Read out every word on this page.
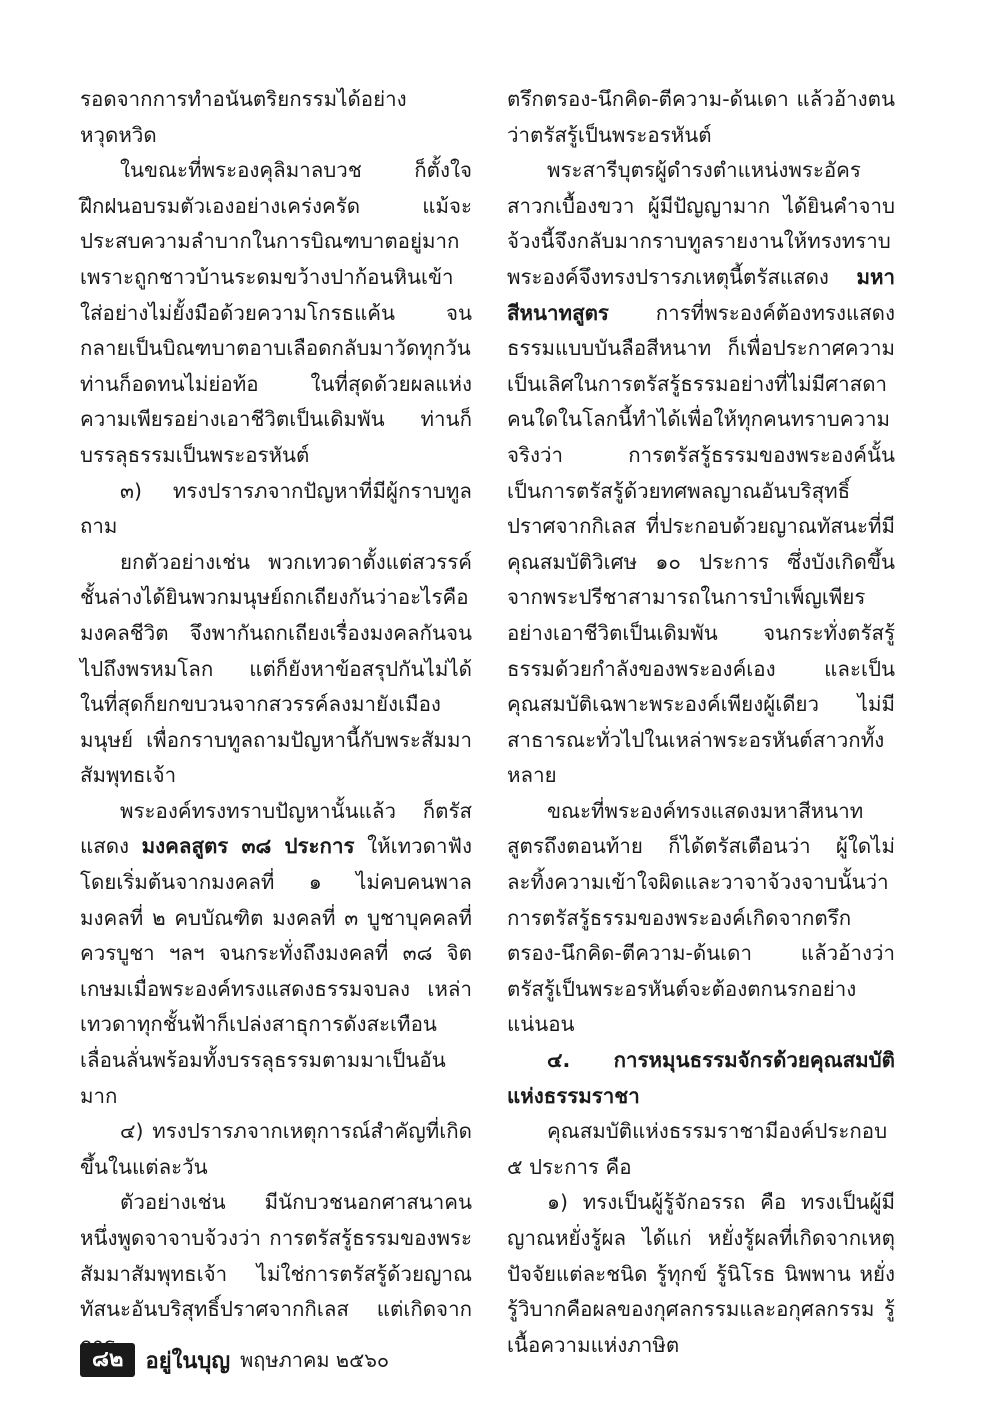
รอดจากการทำอนันตริยกรรมได้อย่างหวุดหวิด

ในขณะที่พระองคุลิมาลบวช ก็ตั้งใจฝึกฝนอบรมตัวเองอย่างเคร่งครัด แม้จะประสบความลำบากในการบิณฑบาตอยู่มาก เพราะถูกชาวบ้านระดมขว้างปาก้อนหินเข้าใส่อย่างไม่ยั้งมือด้วยความโกรธแค้น จนกลายเป็นบิณฑบาตอาบเลือดกลับมาวัดทุกวัน ท่านก็อดทนไม่ย่อท้อ ในที่สุดด้วยผลแห่งความเพียรอย่างเอาชีวิตเป็นเดิมพัน ท่านก็บรรลุธรรมเป็นพระอรหันต์

๓) ทรงปรารภจากปัญหาที่มีผู้กราบทูลถาม

ยกตัวอย่างเช่น พวกเทวดาตั้งแต่สวรรค์ชั้นล่างได้ยินพวกมนุษย์ถกเถียงกันว่าอะไรคือมงคลชีวิต จึงพากันถกเถียงเรื่องมงคลกันจนไปถึงพรหมโลก แต่ก็ยังหาข้อสรุปกันไม่ได้ ในที่สุดก็ยกขบวนจากสวรรค์ลงมายังเมืองมนุษย์ เพื่อกราบทูลถามปัญหานี้กับพระสัมมาสัมพุทธเจ้า

พระองค์ทรงทราบปัญหานั้นแล้ว ก็ตรัสแสดง มงคลสูตร ๓๘ ประการ ให้เทวดาฟังโดยเริ่มต้นจากมงคลที่ ๑ ไม่คบคนพาล มงคลที่ ๒ คบบัณฑิต มงคลที่ ๓ บูชาบุคคลที่ควรบูชา ฯลฯ จนกระทั่งถึงมงคลที่ ๓๘ จิตเกษมเมื่อพระองค์ทรงแสดงธรรมจบลง เหล่าเทวดาทุกชั้นฟ้าก็เปล่งสาธุการดังสะเทือนเลื่อนลั่นพร้อมทั้งบรรลุธรรมตามมาเป็นอันมาก

๔) ทรงปรารภจากเหตุการณ์สำคัญที่เกิดขึ้นในแต่ละวัน

ตัวอย่างเช่น มีนักบวชนอกศาสนาคนหนึ่งพูดจาจาบจ้วงว่า การตรัสรู้ธรรมของพระสัมมาสัมพุทธเจ้า ไม่ใช่การตรัสรู้ด้วยญาณทัสนะอันบริสุทธิ์ปราศจากกิเลส แต่เกิดจาก

ตรึกตรอง-นึกคิด-ตีความ-ด้นเดา แล้วอ้างตนว่าตรัสรู้เป็นพระอรหันต์

พระสารีบุตรผู้ดำรงตำแหน่งพระอัครสาวกเบื้องขวา ผู้มีปัญญามาก ได้ยินคำจาบจ้วงนี้จึงกลับมากราบทูลรายงานให้ทรงทราบ พระองค์จึงทรงปรารภเหตุนี้ตรัสแสดง มหาสีหนาทสูตร การที่พระองค์ต้องทรงแสดงธรรมแบบบันลือสีหนาท ก็เพื่อประกาศความเป็นเลิศในการตรัสรู้ธรรมอย่างที่ไม่มีศาสดาคนใดในโลกนี้ทำได้เพื่อให้ทุกคนทราบความจริงว่า การตรัสรู้ธรรมของพระองค์นั้น เป็นการตรัสรู้ด้วยทศพลญาณอันบริสุทธิ์ปราศจากกิเลส ที่ประกอบด้วยญาณทัสนะที่มีคุณสมบัติวิเศษ ๑๐ ประการ ซึ่งบังเกิดขึ้นจากพระปรีชาสามารถในการบำเพ็ญเพียรอย่างเอาชีวิตเป็นเดิมพัน จนกระทั่งตรัสรู้ธรรมด้วยกำลังของพระองค์เอง และเป็นคุณสมบัติเฉพาะพระองค์เพียงผู้เดียว ไม่มีสาธารณะทั่วไปในเหล่าพระอรหันต์สาวกทั้งหลาย

ขณะที่พระองค์ทรงแสดงมหาสีหนาทสูตรถึงตอนท้าย ก็ได้ตรัสเตือนว่า ผู้ใดไม่ละทิ้งความเข้าใจผิดและวาจาจ้วงจาบนั้นว่า การตรัสรู้ธรรมของพระองค์เกิดจากตรึกตรอง-นึกคิด-ตีความ-ด้นเดา แล้วอ้างว่าตรัสรู้เป็นพระอรหันต์จะต้องตกนรกอย่างแน่นอน

๔. การหมุนธรรมจักรด้วยคุณสมบัติแห่งธรรมราชา

คุณสมบัติแห่งธรรมราชามีองค์ประกอบ ๕ ประการ คือ

๑) ทรงเป็นผู้รู้จักอรรถ คือ ทรงเป็นผู้มีญาณหยั่งรู้ผล ได้แก่ หยั่งรู้ผลที่เกิดจากเหตุปัจจัยแต่ละชนิด รู้ทุกข์ รู้นิโรธ นิพพาน หยั่งรู้วิบากคือผลของกุศลกรรมและอกุศลกรรม รู้เนื้อความแห่งภาษิต

๘๒	อยู่ในบุญ พฤษภาคม ๒๕๖๐
